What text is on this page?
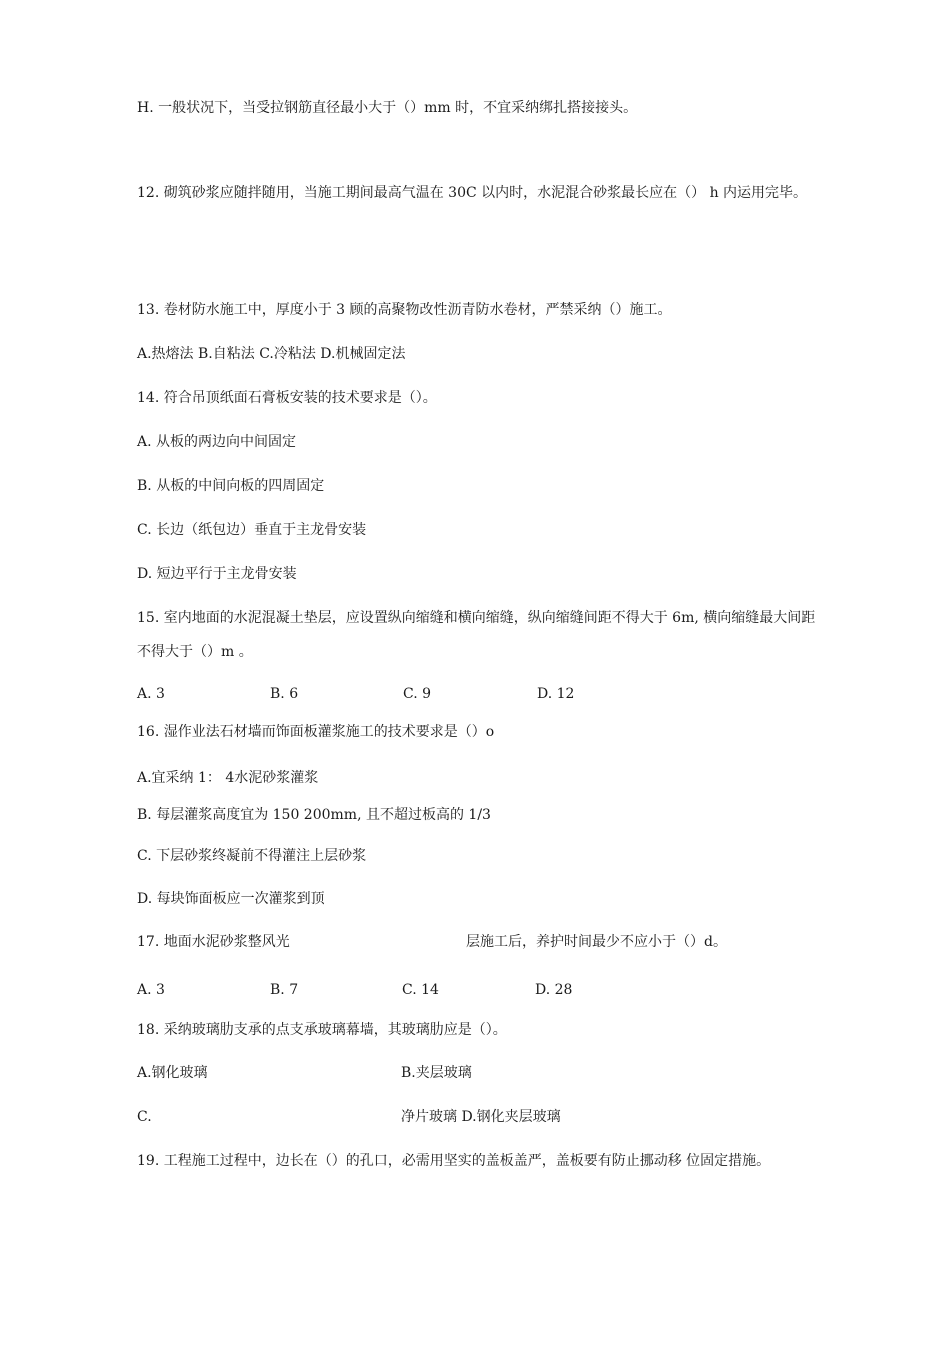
H. 一般状况下，当受拉钢筋直径最小大于（）mm 时，不宜采纳绑扎搭接接头。
12. 砌筑砂浆应随拌随用，当施工期间最高气温在 30C 以内时，水泥混合砂浆最长应在（） h 内运用完毕。
13. 卷材防水施工中，厚度小于 3 顾的高聚物改性沥青防水卷材，严禁采纳（）施工。
A.热熔法 B.自粘法 C.冷粘法 D.机械固定法
14. 符合吊顶纸面石膏板安装的技术要求是（）。
A. 从板的两边向中间固定
B. 从板的中间向板的四周固定
C. 长边（纸包边）垂直于主龙骨安装
D. 短边平行于主龙骨安装
15. 室内地面的水泥混凝土垫层，应设置纵向缩缝和横向缩缝，纵向缩缝间距不得大于 6m, 横向缩缝最大间距不得大于（）m 。
A. 3	B. 6	C. 9	D. 12
16. 湿作业法石材墙而饰面板灌浆施工的技术要求是（）o
A.宜采纳 1： 4水泥砂浆灌浆
B. 每层灌浆高度宜为 150 200mm, 且不超过板高的 1/3
C. 下层砂浆终凝前不得灌注上层砂浆
D. 每块饰面板应一次灌浆到顶
17. 地面水泥砂浆整风光	层施工后，养护时间最少不应小于（）d。
A. 3	B. 7	C. 14	D. 28
18. 采纳玻璃肋支承的点支承玻璃幕墙，其玻璃肋应是（）。
A.钢化玻璃	B.夹层玻璃
C.	净片玻璃 D.钢化夹层玻璃
19. 工程施工过程中，边长在（）的孔口，必需用坚实的盖板盖严，盖板要有防止挪动移 位固定措施。
